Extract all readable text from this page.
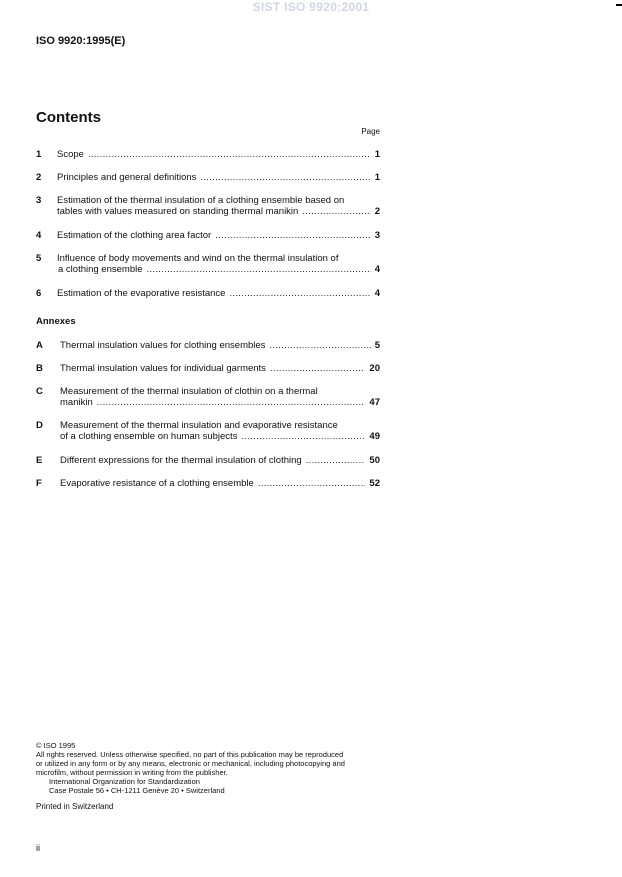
SIST ISO 9920:2001
ISO 9920:1995(E)
Contents
Page
1	Scope .....	1
2	Principles and general definitions .....	1
3	Estimation of the thermal insulation of a clothing ensemble based on
tables with values measured on standing thermal manikin .....	2
4	Estimation of the clothing area factor .....	3
5	Influence of body movements and wind on the thermal insulation of
a clothing ensemble .....	4
6	Estimation of the evaporative resistance .....	4
Annexes
A	Thermal insulation values for clothing ensembles .....	5
B	Thermal insulation values for individual garments .....	20
C	Measurement of the thermal insulation of clothin on a thermal
manikin .....	47
D	Measurement of the thermal insulation and evaporative resistance
of a clothing ensemble on human subjects .....	49
E	Different expressions for the thermal insulation of clothing .....	50
F	Evaporative resistance of a clothing ensemble .....	52

© ISO 1995

All rights reserved. Unless otherwise specified, no part of this publication may be reproduced

or utilized in any form or by any means, electronic or mechanical, including photocopying and

microfilm, without permission in writing from the publisher.

International Organization for Standardization

Case Postale 56 • CH-1211 Genève 20 • Switzerland

Printed in Switzerland
ii
